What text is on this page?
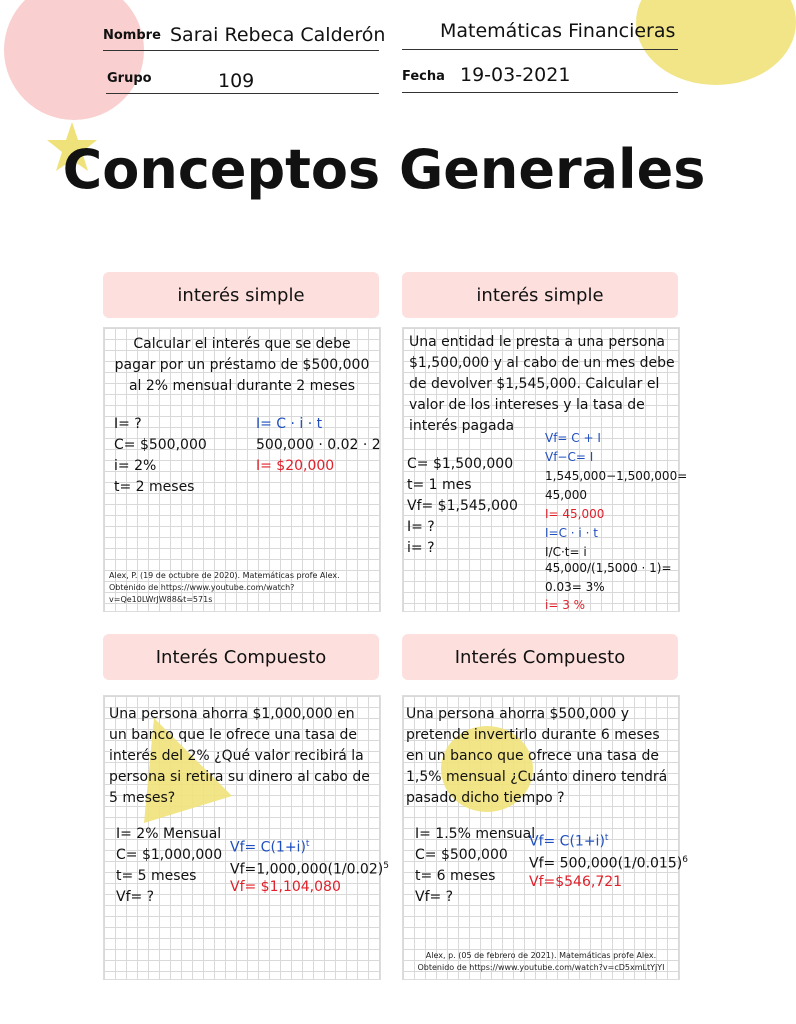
Nombre Sarai Rebeca Calderón	Matemáticas Financieras
Grupo	109	Fecha 19-03-2021
Conceptos Generales
interés simple
Calcular el interés que se debe pagar por un préstamo de $500,000 al 2% mensual durante 2 meses
I= ?
C= $500,000
i= 2%
t= 2 meses
I= C · i · t
500,000 · 0.02 · 2
I= $20,000
Alex, P. (19 de octubre de 2020). Matemáticas profe Alex. Obtenido de https://www.youtube.com/watch?v=Qe10LWrJW88&t=571s
interés simple
Una entidad le presta a una persona $1,500,000 y al cabo de un mes debe de devolver $1,545,000. Calcular el valor de los intereses y la tasa de interés pagada
C= $1,500,000
t= 1 mes
Vf= $1,545,000
I= ?
i= ?
Vf= C + I
Vf−C= I
1,545,000−1,500,000=
45,000
I= 45,000
I=C · i · t
I/C·t= i
45,000/(1,5000 · 1)=
0.03= 3%
i= 3 %
Interés Compuesto
Una persona ahorra $1,000,000 en un banco que le ofrece una tasa de interés del 2% ¿Qué valor recibirá la persona si retira su dinero al cabo de 5 meses?
I= 2% Mensual
C= $1,000,000
t= 5 meses
Vf= ?
$Vf= C(1+i)^t$
$Vf=1,000,000(1/0.02)^5$
Vf= $1,104,080
Interés Compuesto
Una persona ahorra $500,000 y pretende invertirlo durante 6 meses en un banco que ofrece una tasa de 1,5% mensual ¿Cuánto dinero tendrá pasado dicho tiempo ?
I= 1.5% mensual
C= $500,000
t= 6 meses
Vf= ?
$Vf= C(1+i)^t$
$Vf= 500,000(1/0.015)^6$
Vf=$546,721
Alex, p. (05 de febrero de 2021). Matemáticas profe Alex. Obtenido de https://www.youtube.com/watch?v=cD5xmLtYjYI
